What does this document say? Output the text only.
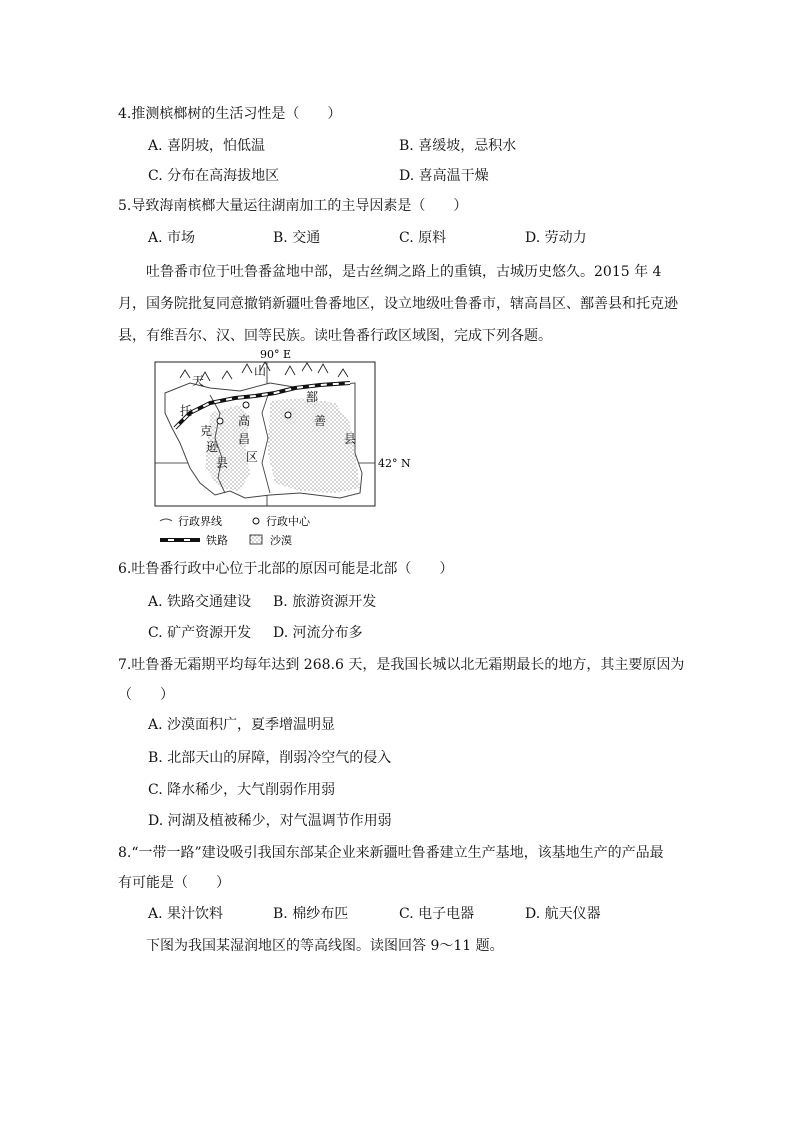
4.推测槟榔树的生活习性是（　　）
A. 喜阴坡，怕低温	B. 喜缓坡，忌积水
C. 分布在高海拔地区	D. 喜高温干燥
5.导致海南槟榔大量运往湖南加工的主导因素是（　　）
A. 市场	B. 交通	C. 原料	D. 劳动力
吐鲁番市位于吐鲁番盆地中部，是古丝绸之路上的重镇，古城历史悠久。2015 年 4 月，国务院批复同意撤销新疆吐鲁番地区，设立地级吐鲁番市，辖高昌区、鄯善县和托克逊县，有维吾尔、汉、回等民族。读吐鲁番行政区域图，完成下列各题。
90° E
42° N
天
山
托
克
逊
县
高
昌
区
鄯
善
县
行政界线	行政中心
铁路	沙漠
6.吐鲁番行政中心位于北部的原因可能是北部（　　）
A. 铁路交通建设 B. 旅游资源开发
C. 矿产资源开发 D. 河流分布多
7.吐鲁番无霜期平均每年达到 268.6 天，是我国长城以北无霜期最长的地方，其主要原因为
（　　）
A. 沙漠面积广，夏季增温明显
B. 北部天山的屏障，削弱冷空气的侵入
C. 降水稀少，大气削弱作用弱
D. 河湖及植被稀少，对气温调节作用弱
8.“一带一路”建设吸引我国东部某企业来新疆吐鲁番建立生产基地，该基地生产的产品最
有可能是（　　）
A. 果汁饮料	B. 棉纱布匹	C. 电子电器	D. 航天仪器
下图为我国某湿润地区的等高线图。读图回答 9～11 题。
